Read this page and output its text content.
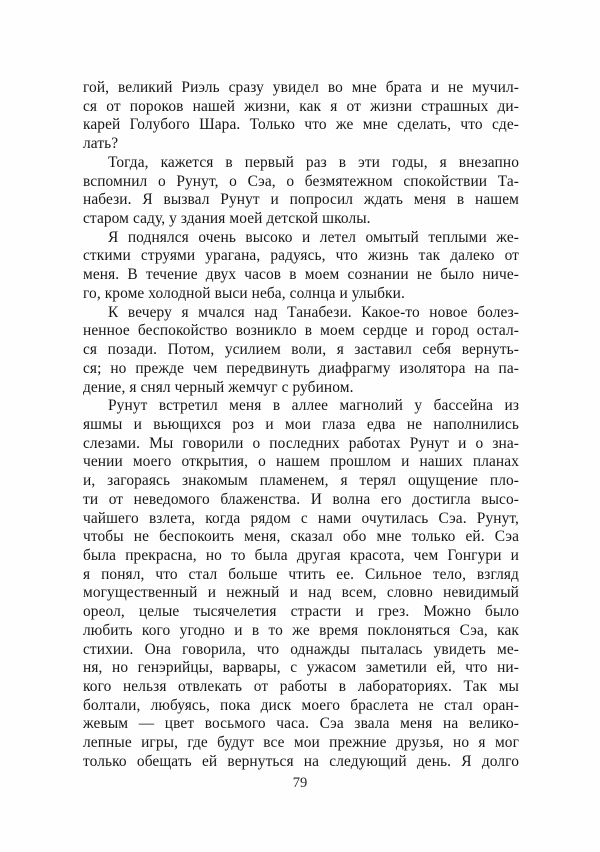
гой, великий Риэль сразу увидел во мне брата и не мучил-
ся от пороков нашей жизни, как я от жизни страшных ди-
карей Голубого Шара. Только что же мне сделать, что сде-
лать?
Тогда, кажется в первый раз в эти годы, я внезапно
вспомнил о Рунут, о Сэа, о безмятежном спокойствии Та-
набези. Я вызвал Рунут и попросил ждать меня в нашем
старом саду, у здания моей детской школы.
Я поднялся очень высоко и летел омытый теплыми же-
сткими струями урагана, радуясь, что жизнь так далеко от
меня. В течение двух часов в моем сознании не было ниче-
го, кроме холодной выси неба, солнца и улыбки.
К вечеру я мчался над Танабези. Какое-то новое болез-
ненное беспокойство возникло в моем сердце и город остал-
ся позади. Потом, усилием воли, я заставил себя вернуть-
ся; но прежде чем передвинуть диафрагму изолятора на па-
дение, я снял черный жемчуг с рубином.
Рунут встретил меня в аллее магнолий у бассейна из
яшмы и вьющихся роз и мои глаза едва не наполнились
слезами. Мы говорили о последних работах Рунут и о зна-
чении моего открытия, о нашем прошлом и наших планах
и, загораясь знакомым пламенем, я терял ощущение пло-
ти от неведомого блаженства. И волна его достигла высо-
чайшего взлета, когда рядом с нами очутилась Сэа. Рунут,
чтобы не беспокоить меня, сказал обо мне только ей. Сэа
была прекрасна, но то была другая красота, чем Гонгури и
я понял, что стал больше чтить ее. Сильное тело, взгляд
могущественный и нежный и над всем, словно невидимый
ореол, целые тысячелетия страсти и грез. Можно было
любить кого угодно и в то же время поклоняться Сэа, как
стихии. Она говорила, что однажды пыталась увидеть ме-
ня, но генэрийцы, варвары, с ужасом заметили ей, что ни-
кого нельзя отвлекать от работы в лабораториях. Так мы
болтали, любуясь, пока диск моего браслета не стал оран-
жевым — цвет восьмого часа. Сэа звала меня на велико-
лепные игры, где будут все мои прежние друзья, но я мог
только обещать ей вернуться на следующий день. Я долго
79
